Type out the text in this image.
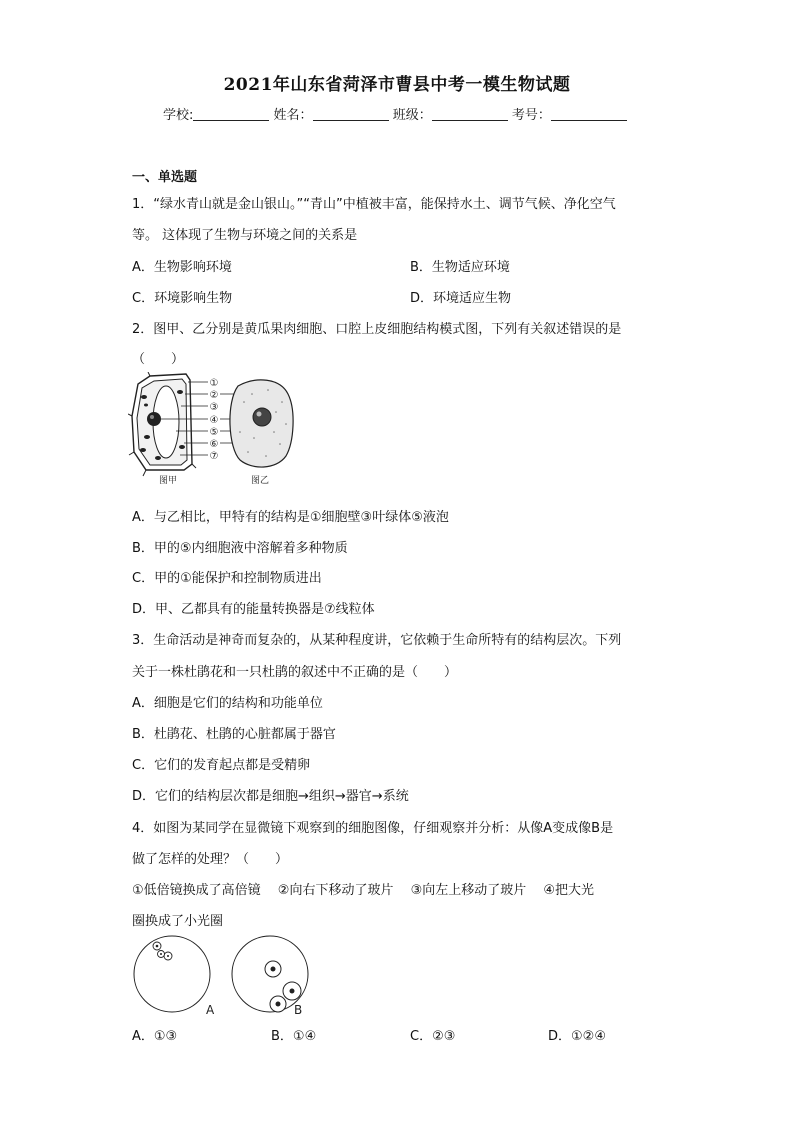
2021年山东省菏泽市曹县中考一模生物试题
学校:	姓名：	班级：	考号：
一、单选题
1．“绿水青山就是金山银山。”“青山”中植被丰富，能保持水土、调节气候、净化空气
等。 这体现了生物与环境之间的关系是
A．生物影响环境	B．生物适应环境
C．环境影响生物	D．环境适应生物
2．图甲、乙分别是黄瓜果肉细胞、口腔上皮细胞结构模式图，下列有关叙述错误的是
（　　）
①
②
③
④
⑤
⑥
⑦
图甲	图乙
A．与乙相比，甲特有的结构是①细胞壁③叶绿体⑤液泡
B．甲的⑤内细胞液中溶解着多种物质
C．甲的①能保护和控制物质进出
D．甲、乙都具有的能量转换器是⑦线粒体
3．生命活动是神奇而复杂的，从某种程度讲，它依赖于生命所特有的结构层次。下列
关于一株杜鹃花和一只杜鹃的叙述中不正确的是（　　）
A．细胞是它们的结构和功能单位
B．杜鹃花、杜鹃的心脏都属于器官
C．它们的发育起点都是受精卵
D．它们的结构层次都是细胞→组织→器官→系统
4．如图为某同学在显微镜下观察到的细胞图像，仔细观察并分析：从像A变成像B是
做了怎样的处理？（　　）
①低倍镜换成了高倍镜　 ②向右下移动了玻片　 ③向左上移动了玻片　 ④把大光
圈换成了小光圈
A	B
A．①③	B．①④	C．②③	D．①②④
